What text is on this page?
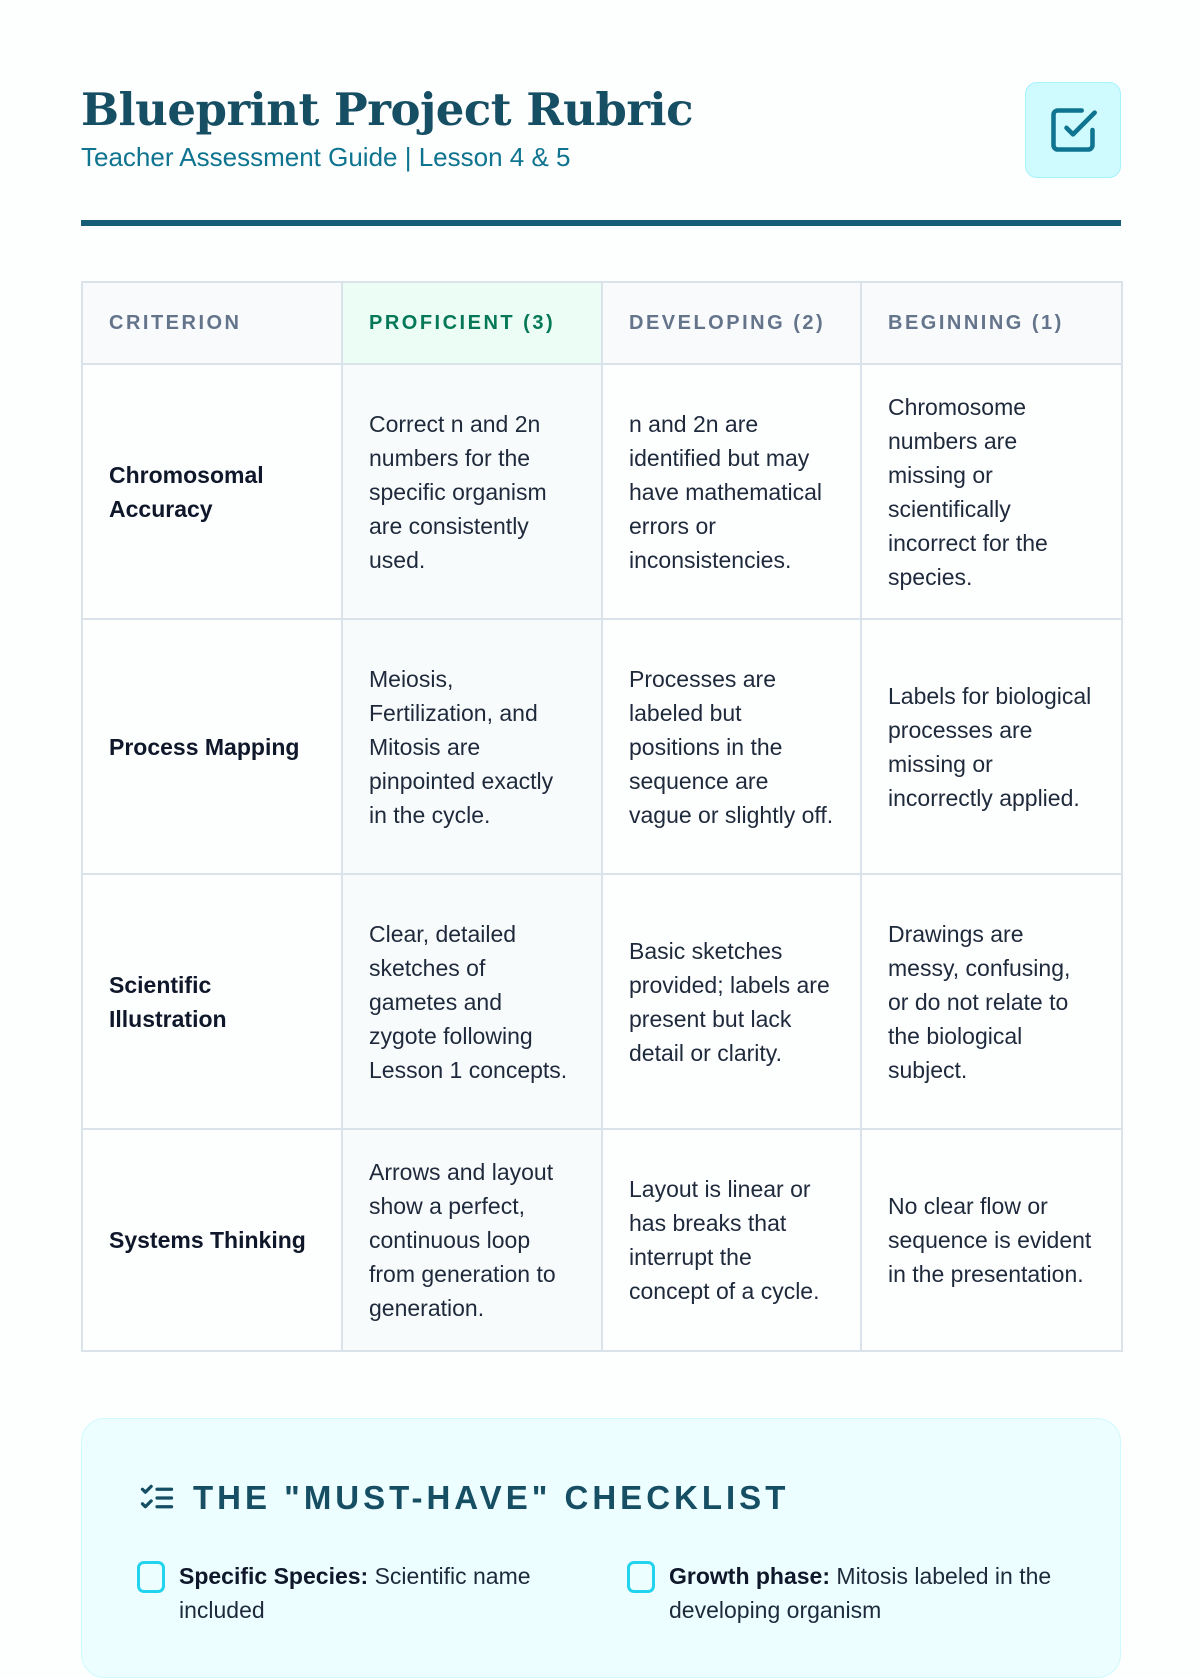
Blueprint Project Rubric
Teacher Assessment Guide | Lesson 4 & 5
CRITERION	PROFICIENT (3)	DEVELOPING (2)	BEGINNING (1)
Chromosomal Accuracy	Correct n and 2n numbers for the specific organism are consistently used.	n and 2n are identified but may have mathematical errors or inconsistencies.	Chromosome numbers are missing or scientifically incorrect for the species.
Process Mapping	Meiosis, Fertilization, and Mitosis are pinpointed exactly in the cycle.	Processes are labeled but positions in the sequence are vague or slightly off.	Labels for biological processes are missing or incorrectly applied.
Scientific Illustration	Clear, detailed sketches of gametes and zygote following Lesson 1 concepts.	Basic sketches provided; labels are present but lack detail or clarity.	Drawings are messy, confusing, or do not relate to the biological subject.
Systems Thinking	Arrows and layout show a perfect, continuous loop from generation to generation.	Layout is linear or has breaks that interrupt the concept of a cycle.	No clear flow or sequence is evident in the presentation.
THE "MUST-HAVE" CHECKLIST
Specific Species: Scientific name included
Growth phase: Mitosis labeled in the developing organism
